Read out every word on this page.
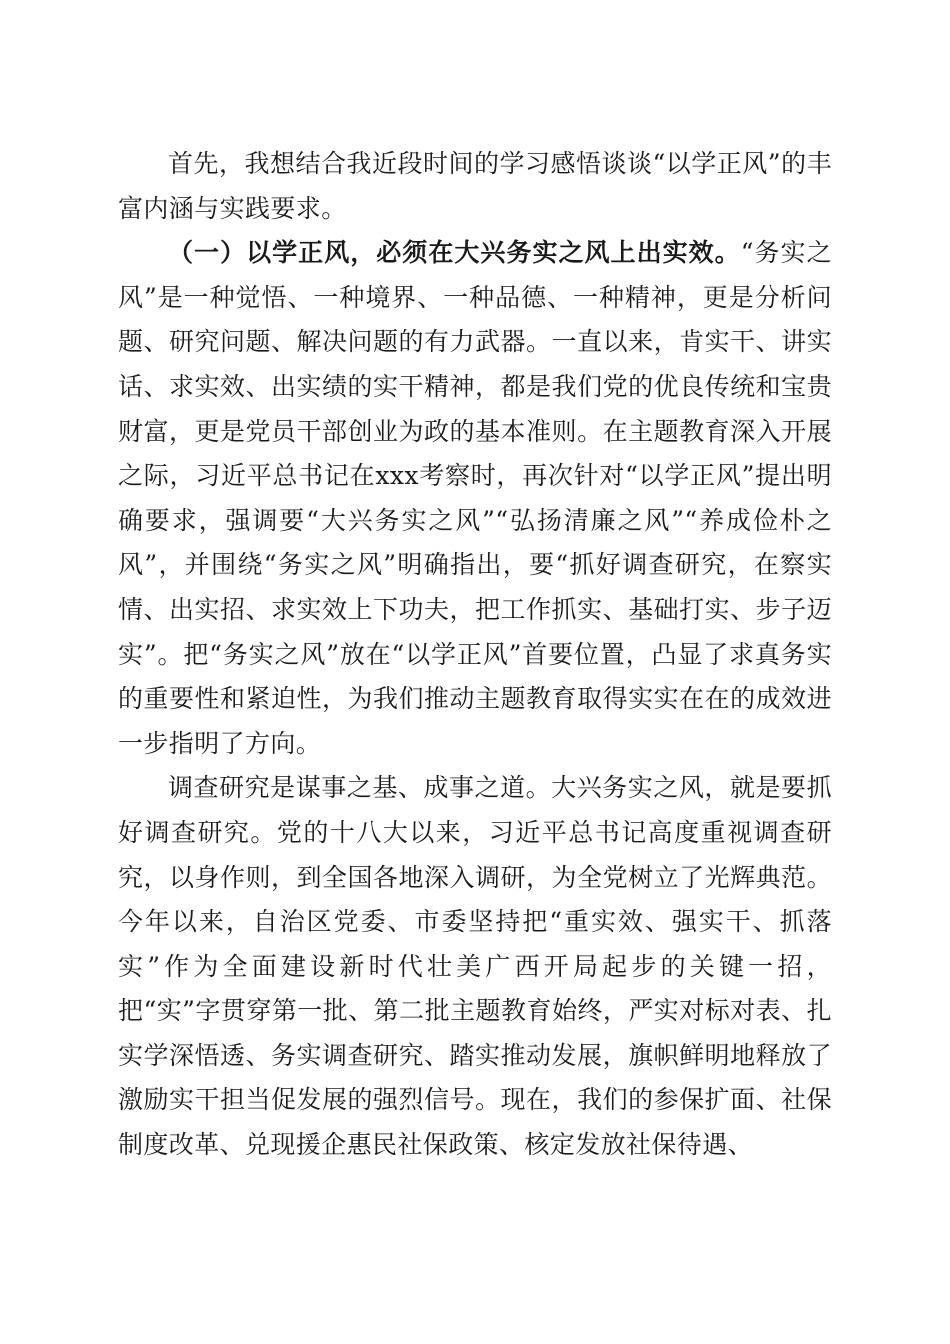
首先，我想结合我近段时间的学习感悟谈谈“以学正风”的丰富内涵与实践要求。

（一）以学正风，必须在大兴务实之风上出实效。“务实之风”是一种觉悟、一种境界、一种品德、一种精神，更是分析问题、研究问题、解决问题的有力武器。一直以来，肯实干、讲实话、求实效、出实绩的实干精神，都是我们党的优良传统和宝贵财富，更是党员干部创业为政的基本准则。在主题教育深入开展之际，习近平总书记在xxx考察时，再次针对“以学正风”提出明确要求，强调要“大兴务实之风”“弘扬清廉之风”“养成俭朴之风”，并围绕“务实之风”明确指出，要“抓好调查研究，在察实情、出实招、求实效上下功夫，把工作抓实、基础打实、步子迈实”。把“务实之风”放在“以学正风”首要位置，凸显了求真务实的重要性和紧迫性，为我们推动主题教育取得实实在在的成效进一步指明了方向。

调查研究是谋事之基、成事之道。大兴务实之风，就是要抓好调查研究。党的十八大以来，习近平总书记高度重视调查研究，以身作则，到全国各地深入调研，为全党树立了光辉典范。今年以来，自治区党委、市委坚持把“重实效、强实干、抓落实”作为全面建设新时代壮美广西开局起步的关键一招，把“实”字贯穿第一批、第二批主题教育始终，严实对标对表、扎实学深悟透、务实调查研究、踏实推动发展，旗帜鲜明地释放了激励实干担当促发展的强烈信号。现在，我们的参保扩面、社保制度改革、兑现援企惠民社保政策、核定发放社保待遇、
